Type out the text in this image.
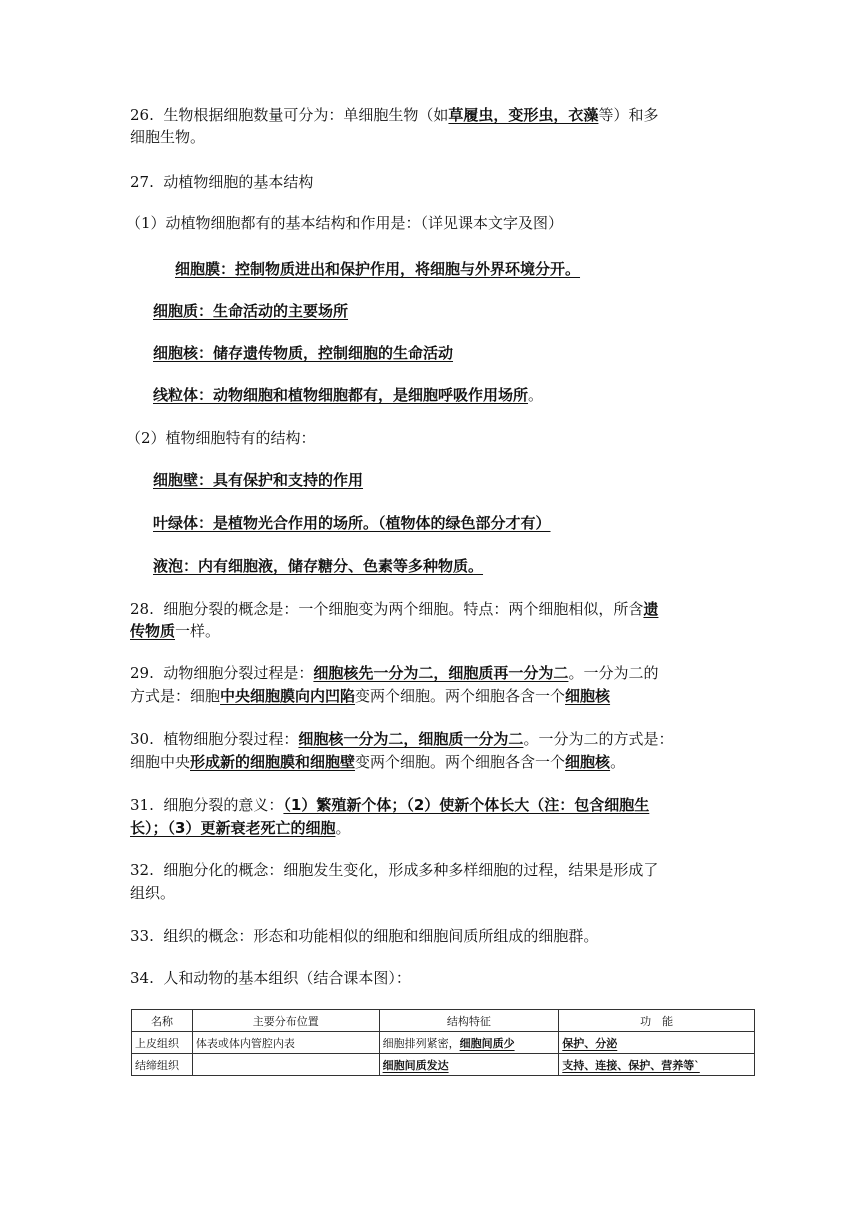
26. 生物根据细胞数量可分为：单细胞生物（如草履虫，变形虫，衣藻等）和多
细胞生物。
27. 动植物细胞的基本结构
（1）动植物细胞都有的基本结构和作用是：（详见课本文字及图）
细胞膜：控制物质进出和保护作用，将细胞与外界环境分开。
细胞质：生命活动的主要场所
细胞核：储存遗传物质，控制细胞的生命活动
线粒体：动物细胞和植物细胞都有，是细胞呼吸作用场所。
（2）植物细胞特有的结构：
细胞壁：具有保护和支持的作用
叶绿体：是植物光合作用的场所。（植物体的绿色部分才有）
液泡：内有细胞液，储存糖分、色素等多种物质。
28. 细胞分裂的概念是：一个细胞变为两个细胞。特点：两个细胞相似，所含遗
传物质一样。
29. 动物细胞分裂过程是：细胞核先一分为二，细胞质再一分为二。一分为二的
方式是：细胞中央细胞膜向内凹陷变两个细胞。两个细胞各含一个细胞核
30. 植物细胞分裂过程：细胞核一分为二，细胞质一分为二。一分为二的方式是：
细胞中央形成新的细胞膜和细胞壁变两个细胞。两个细胞各含一个细胞核。
31. 细胞分裂的意义：（1）繁殖新个体；（2）使新个体长大（注：包含细胞生
长）；（3）更新衰老死亡的细胞。
32. 细胞分化的概念：细胞发生变化，形成多种多样细胞的过程，结果是形成了
组织。
33. 组织的概念：形态和功能相似的细胞和细胞间质所组成的细胞群。
34. 人和动物的基本组织（结合课本图）：
名称	主要分布位置	结构特征	功　能
上皮组织	体表或体内管腔内表	细胞排列紧密，细胞间质少	保护、分泌
结缔组织		细胞间质发达	支持、连接、保护、营养等`
